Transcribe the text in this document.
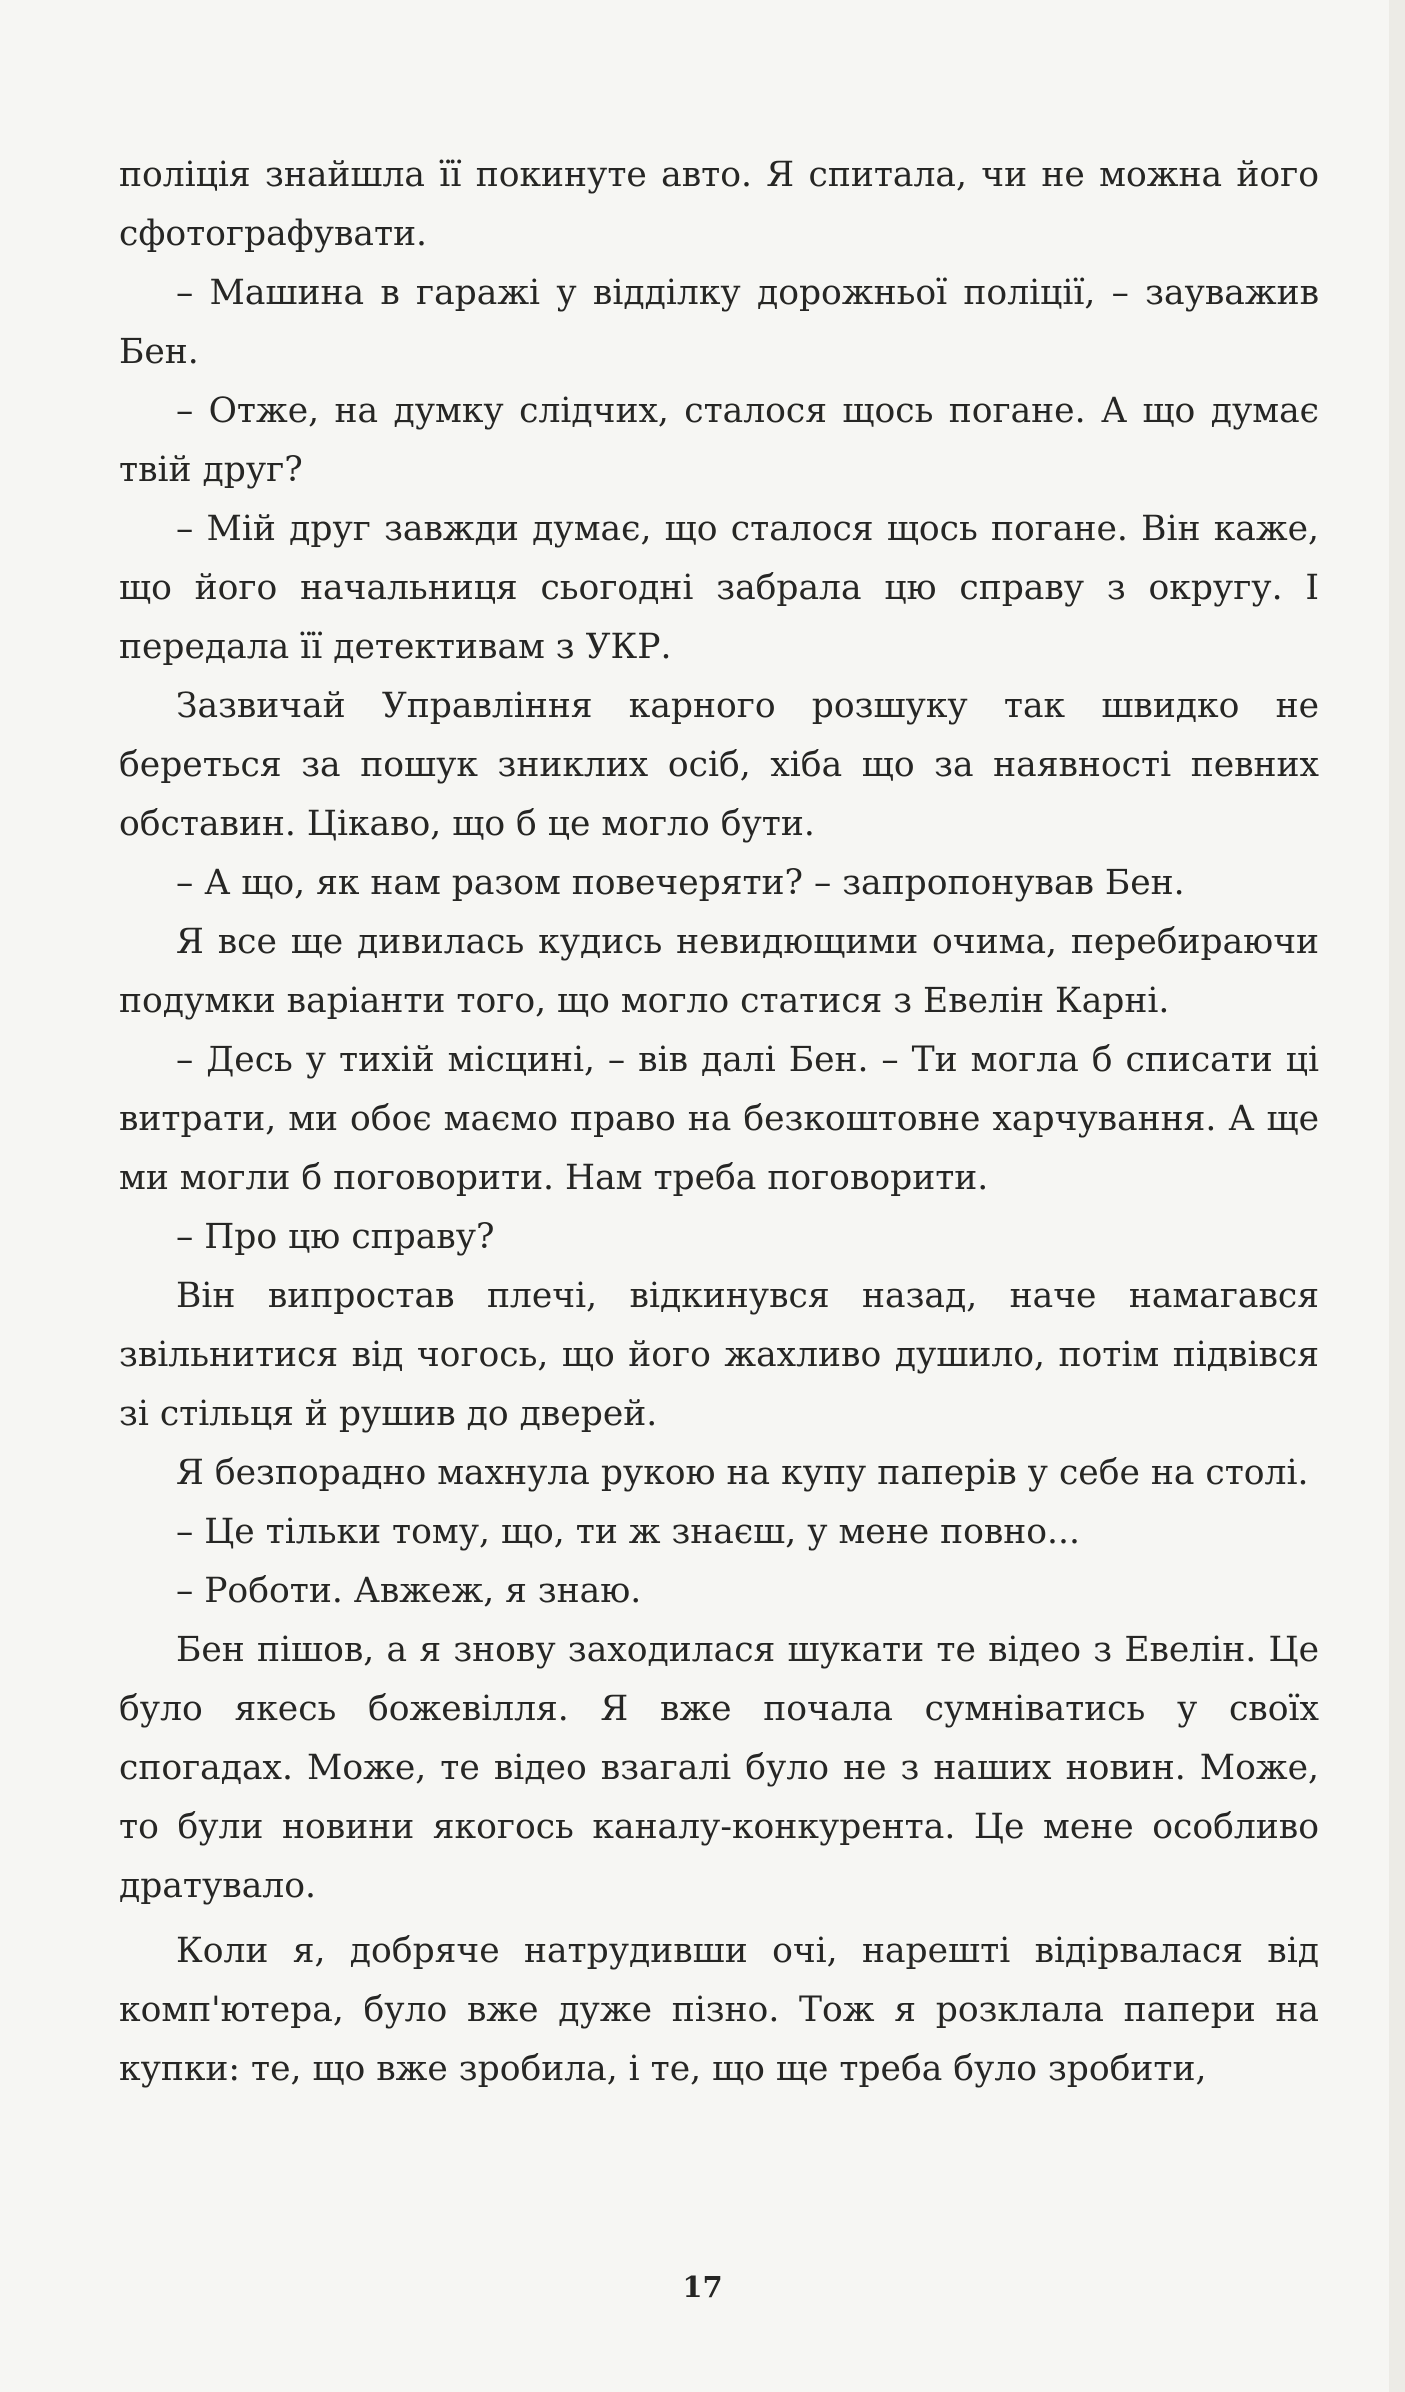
поліція знайшла її покинуте авто. Я спитала, чи не можна його сфотографувати.

– Машина в гаражі у відділку дорожньої поліції, – зауважив Бен.

– Отже, на думку слідчих, сталося щось погане. А що думає твій друг?

– Мій друг завжди думає, що сталося щось погане. Він каже, що його начальниця сьогодні забрала цю справу з округу. І передала її детективам з УКР.

Зазвичай Управління карного розшуку так швидко не береться за пошук зниклих осіб, хіба що за наявності певних обставин. Цікаво, що б це могло бути.

– А що, як нам разом повечеряти? – запропонував Бен.

Я все ще дивилась кудись невидющими очима, перебираючи подумки варіанти того, що могло статися з Евелін Карні.

– Десь у тихій місцині, – вів далі Бен. – Ти могла б списати ці витрати, ми обоє маємо право на безкоштовне харчування. А ще ми могли б поговорити. Нам треба поговорити.

– Про цю справу?

Він випростав плечі, відкинувся назад, наче намагався звільнитися від чогось, що його жахливо душило, потім підвівся зі стільця й рушив до дверей.

Я безпорадно махнула рукою на купу паперів у себе на столі.

– Це тільки тому, що, ти ж знаєш, у мене повно...

– Роботи. Авжеж, я знаю.

Бен пішов, а я знову заходилася шукати те відео з Евелін. Це було якесь божевілля. Я вже почала сумніватись у своїх спогадах. Може, те відео взагалі було не з наших новин. Може, то були новини якогось каналу-конкурента. Це мене особливо дратувало.

Коли я, добряче натрудивши очі, нарешті відірвалася від комп'ютера, було вже дуже пізно. Тож я розклала папери на купки: те, що вже зробила, і те, що ще треба було зробити,

17
